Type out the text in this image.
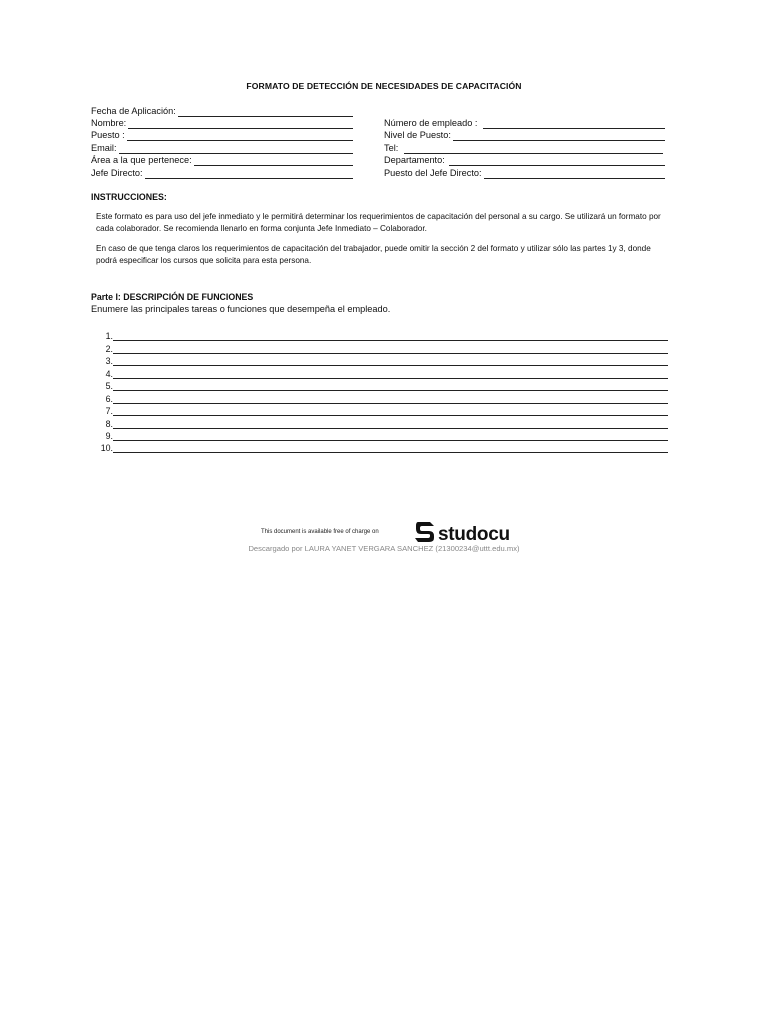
FORMATO DE DETECCIÓN DE NECESIDADES DE CAPACITACIÓN
Fecha de Aplicación:
Nombre:
Puesto :
Email:
Área a la que pertenece:
Jefe Directo:
Número de empleado :
Nivel de Puesto:
Tel:
Departamento:
Puesto del Jefe Directo:
INSTRUCCIONES:
Este formato es para uso del jefe inmediato y le permitirá determinar los requerimientos de capacitación del personal a su cargo. Se utilizará un formato por cada colaborador. Se recomienda llenarlo en forma conjunta Jefe Inmediato – Colaborador.
En caso de que tenga claros los requerimientos de capacitación del trabajador, puede omitir la sección 2 del formato y utilizar sólo las partes 1y 3, donde podrá especificar los cursos que solicita para esta persona.
Parte I: DESCRIPCIÓN DE FUNCIONES
Enumere las principales tareas o funciones que desempeña el empleado.
1.
2.
3.
4.
5.
6.
7.
8.
9.
10.
This document is available free of charge on	studocu
Descargado por LAURA YANET VERGARA SANCHEZ (21300234@uttt.edu.mx)
